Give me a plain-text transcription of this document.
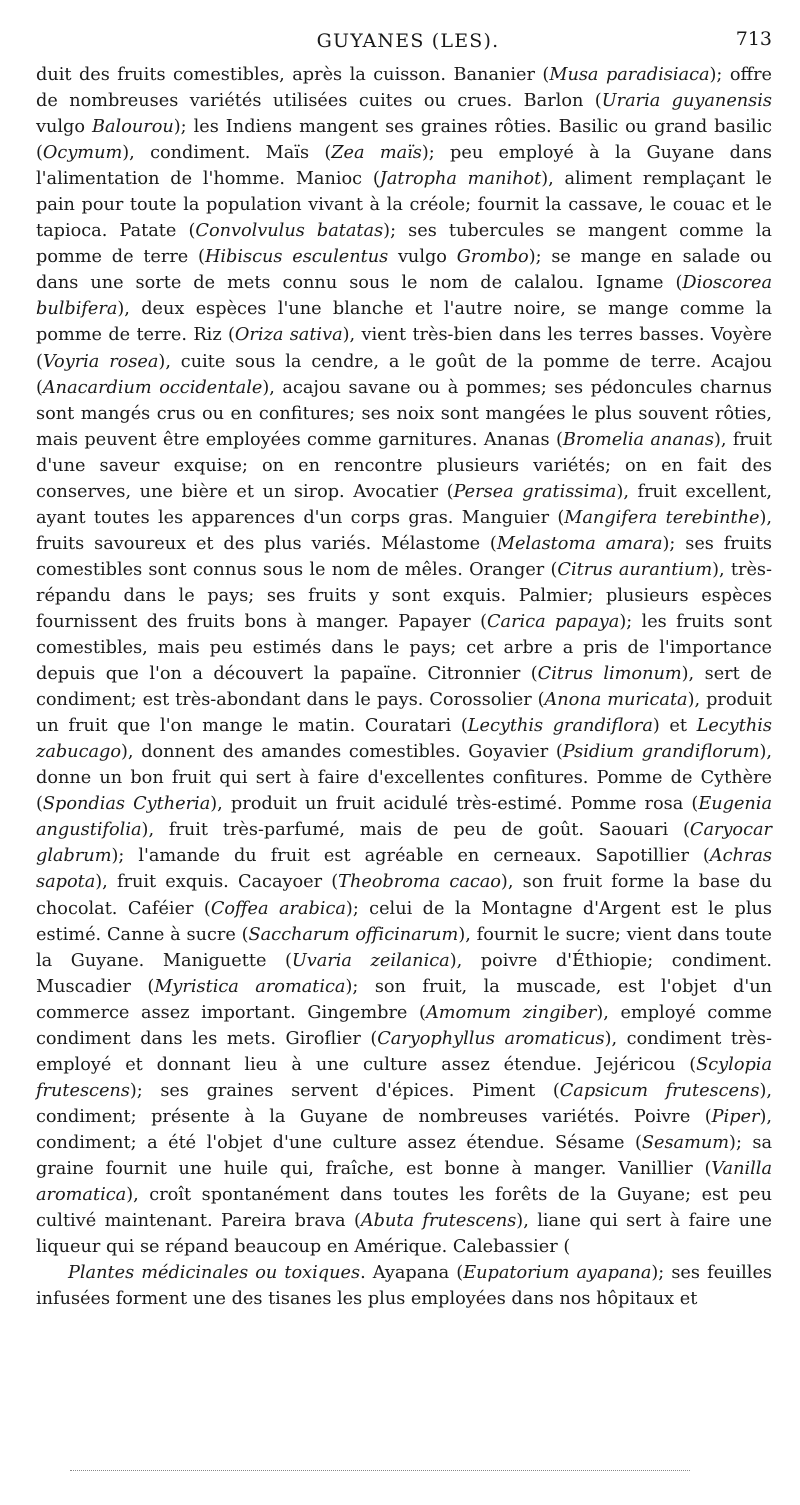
GUYANES (LES).	713

duit des fruits comestibles, après la cuisson. Bananier (Musa paradisiaca); offre de nombreuses variétés utilisées cuites ou crues. Barlon (Uraria guyanensis vulgo Balourou); les Indiens mangent ses graines rôties. Basilic ou grand basilic (Ocymum), condiment. Maïs (Zea maïs); peu employé à la Guyane dans l'alimentation de l'homme. Manioc (Jatropha manihot), aliment remplaçant le pain pour toute la population vivant à la créole; fournit la cassave, le couac et le tapioca. Patate (Convolvulus batatas); ses tubercules se mangent comme la pomme de terre (Hibiscus esculentus vulgo Grombo); se mange en salade ou dans une sorte de mets connu sous le nom de calalou. Igname (Dioscorea bulbifera), deux espèces l'une blanche et l'autre noire, se mange comme la pomme de terre. Riz (Oriza sativa), vient très-bien dans les terres basses. Voyère (Voyria rosea), cuite sous la cendre, a le goût de la pomme de terre. Acajou (Anacardium occidentale), acajou savane ou à pommes; ses pédoncules charnus sont mangés crus ou en confitures; ses noix sont mangées le plus souvent rôties, mais peuvent être employées comme garnitures. Ananas (Bromelia ananas), fruit d'une saveur exquise; on en rencontre plusieurs variétés; on en fait des conserves, une bière et un sirop. Avocatier (Persea gratissima), fruit excellent, ayant toutes les apparences d'un corps gras. Manguier (Mangifera terebinthe), fruits savoureux et des plus variés. Mélastome (Melastoma amara); ses fruits comestibles sont connus sous le nom de mêles. Oranger (Citrus aurantium), très-répandu dans le pays; ses fruits y sont exquis. Palmier; plusieurs espèces fournissent des fruits bons à manger. Papayer (Carica papaya); les fruits sont comestibles, mais peu estimés dans le pays; cet arbre a pris de l'importance depuis que l'on a découvert la papaïne. Citronnier (Citrus limonum), sert de condiment; est très-abondant dans le pays. Corossolier (Anona muricata), produit un fruit que l'on mange le matin. Couratari (Lecythis grandiflora) et Lecythis zabucago), donnent des amandes comestibles. Goyavier (Psidium grandiflorum), donne un bon fruit qui sert à faire d'excellentes confitures. Pomme de Cythère (Spondias Cytheria), produit un fruit acidulé très-estimé. Pomme rosa (Eugenia angustifolia), fruit très-parfumé, mais de peu de goût. Saouari (Caryocar glabrum); l'amande du fruit est agréable en cerneaux. Sapotillier (Achras sapota), fruit exquis. Cacayoer (Theobroma cacao), son fruit forme la base du chocolat. Caféier (Coffea arabica); celui de la Montagne d'Argent est le plus estimé. Canne à sucre (Saccharum officinarum), fournit le sucre; vient dans toute la Guyane. Maniguette (Uvaria zeilanica), poivre d'Éthiopie; condiment. Muscadier (Myristica aromatica); son fruit, la muscade, est l'objet d'un commerce assez important. Gingembre (Amomum zingiber), employé comme condiment dans les mets. Giroflier (Caryophyllus aromaticus), condiment très-employé et donnant lieu à une culture assez étendue. Jejéricou (Scylopia frutescens); ses graines servent d'épices. Piment (Capsicum frutescens), condiment; présente à la Guyane de nombreuses variétés. Poivre (Piper), condiment; a été l'objet d'une culture assez étendue. Sésame (Sesamum); sa graine fournit une huile qui, fraîche, est bonne à manger. Vanillier (Vanilla aromatica), croît spontanément dans toutes les forêts de la Guyane; est peu cultivé maintenant. Pareira brava (Abuta frutescens), liane qui sert à faire une liqueur qui se répand beaucoup en Amérique. Calebassier (

Plantes médicinales ou toxiques. Ayapana (Eupatorium ayapana); ses feuilles infusées forment une des tisanes les plus employées dans nos hôpitaux et
